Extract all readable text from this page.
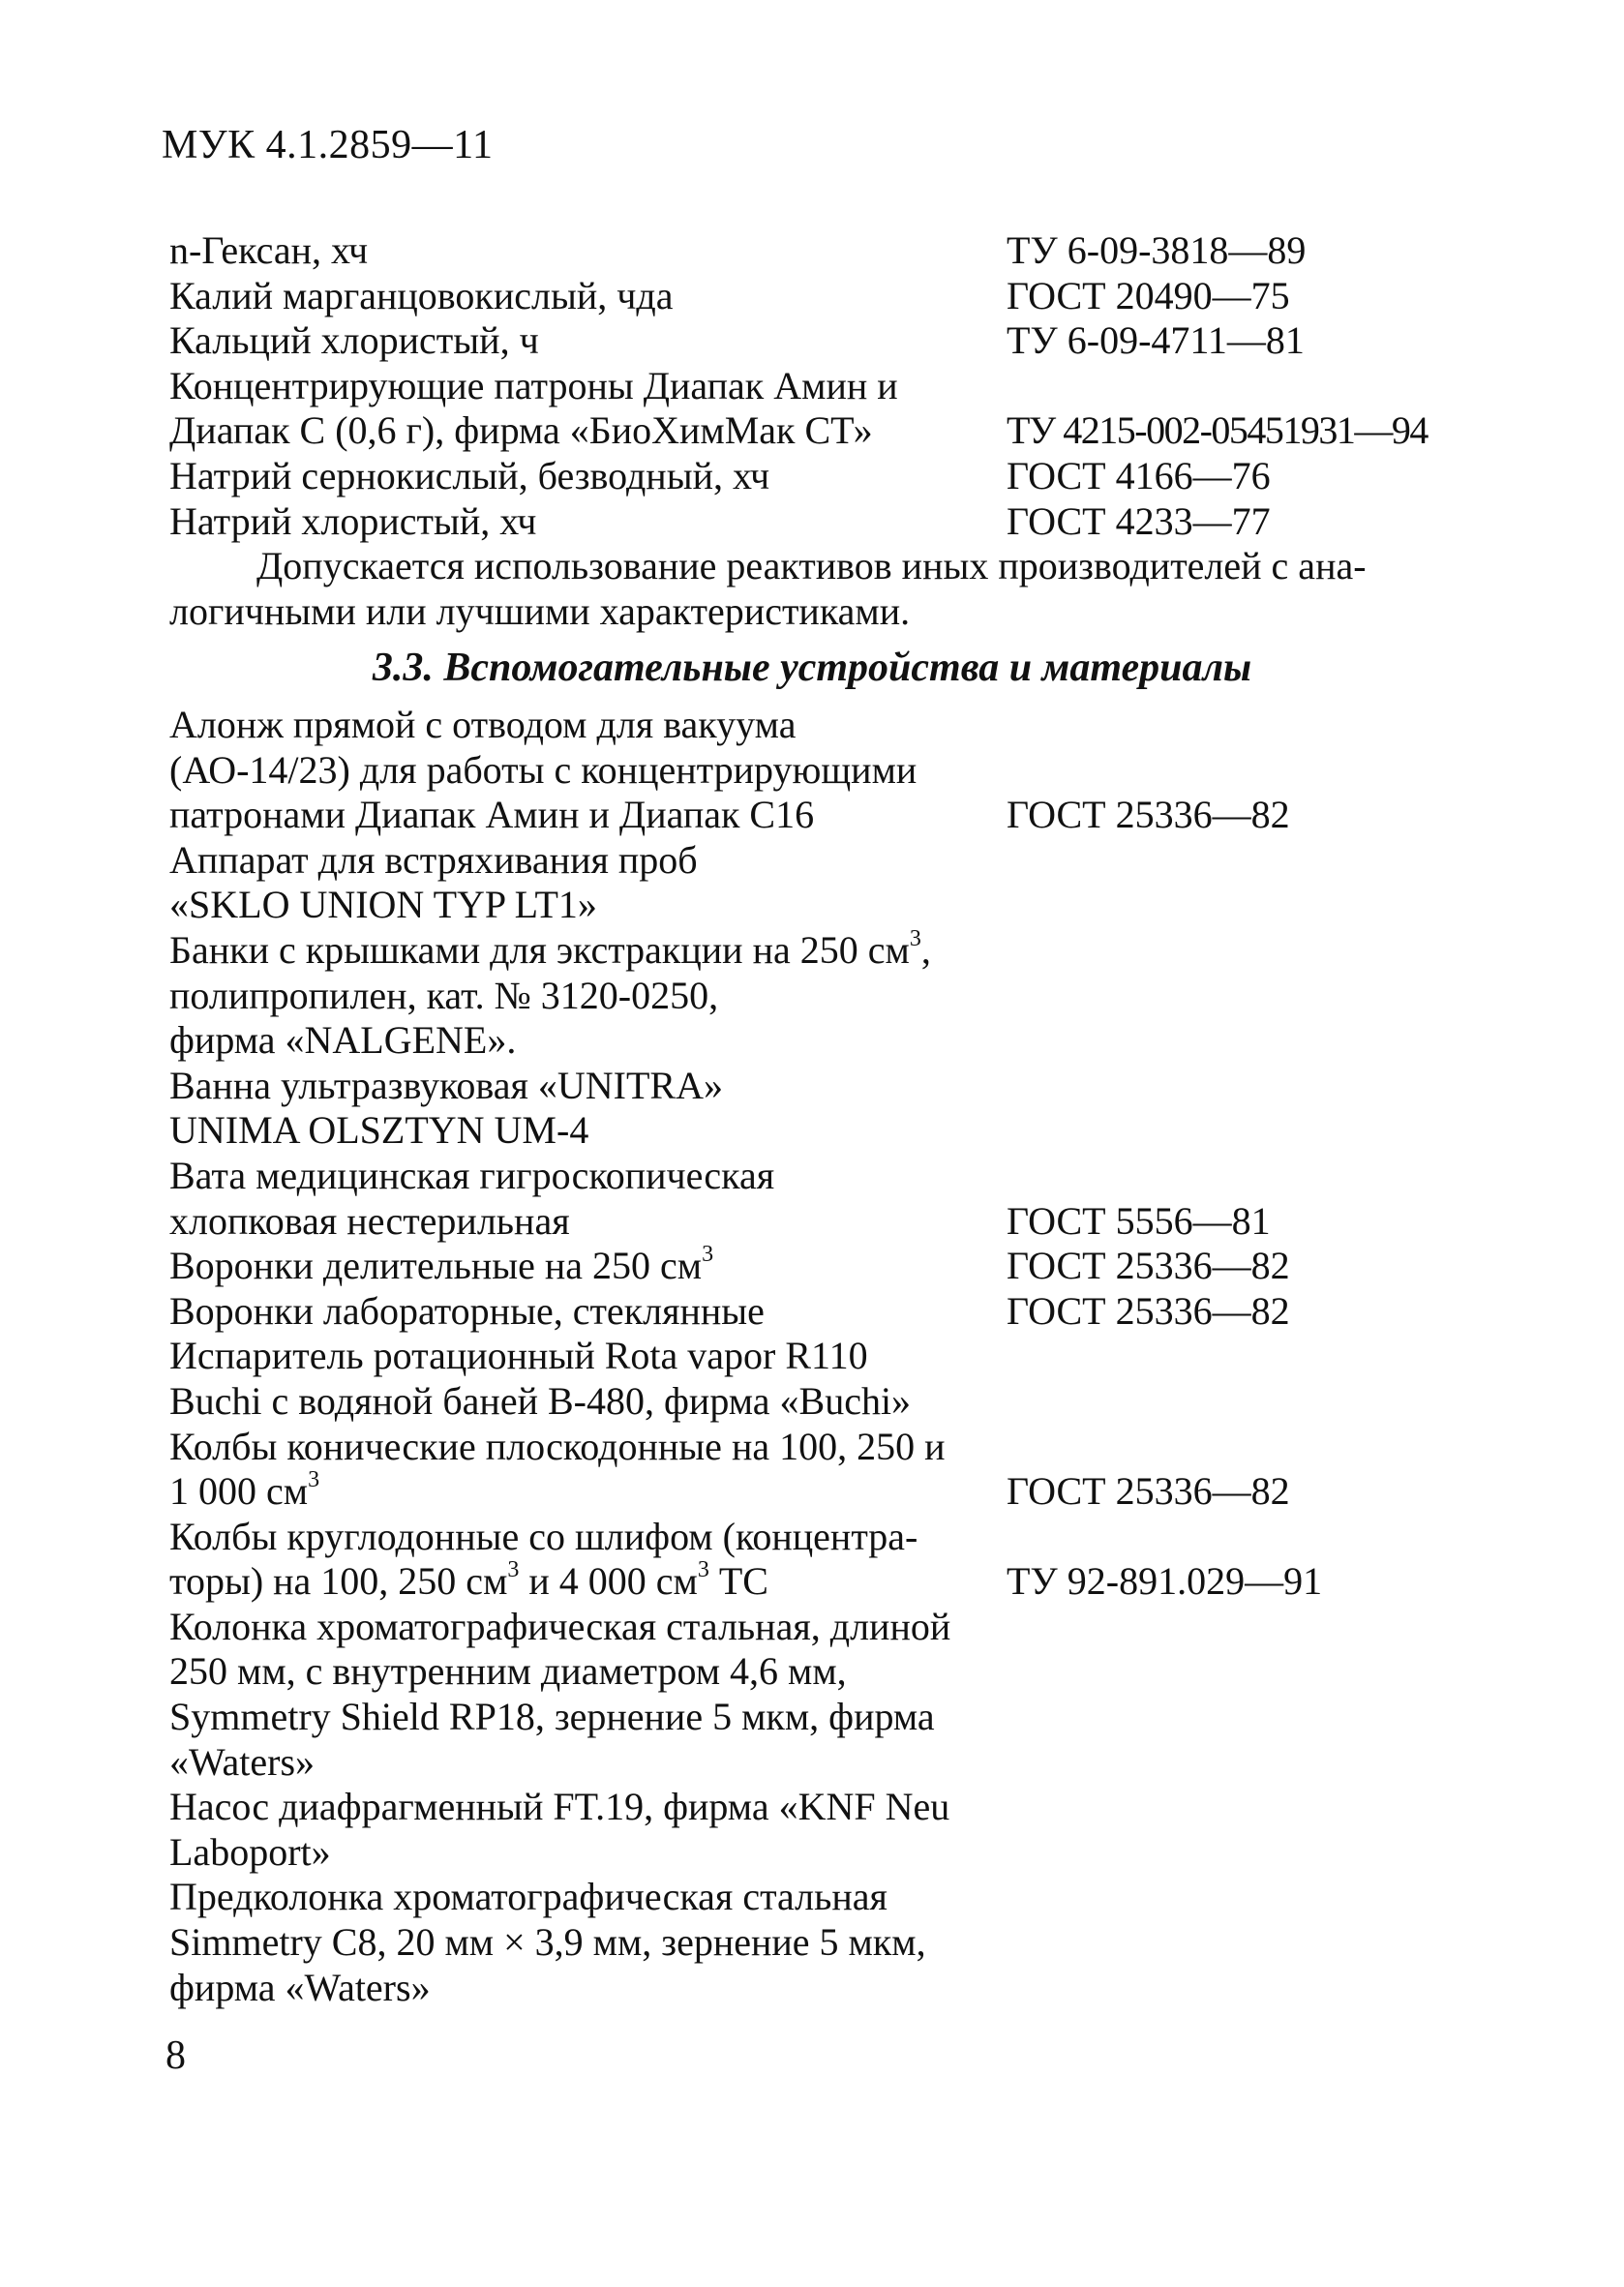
МУК 4.1.2859—11
n-Гексан, хч	ТУ 6-09-3818—89
Калий марганцовокислый, чда	ГОСТ 20490—75
Кальций хлористый, ч	ТУ 6-09-4711—81
Концентрирующие патроны Диапак Амин и
Диапак С (0,6 г), фирма «БиоХимМак СТ»	ТУ 4215-002-05451931—94
Натрий сернокислый, безводный, хч	ГОСТ 4166—76
Натрий хлористый, хч	ГОСТ 4233—77
Допускается использование реактивов иных производителей с ана-
логичными или лучшими характеристиками.
3.3. Вспомогательные устройства и материалы
Алонж прямой с отводом для вакуума
(АО-14/23) для работы с концентрирующими
патронами Диапак Амин и Диапак С16	ГОСТ 25336—82
Аппарат для встряхивания проб
«SKLO UNION TYP LT1»
Банки с крышками для экстракции на 250 $см^3$,
полипропилен, кат. № 3120-0250,
фирма «NALGENE».
Ванна ультразвуковая «UNITRA»
UNIMA OLSZTYN UM-4
Вата медицинская гигроскопическая
хлопковая нестерильная	ГОСТ 5556—81
Воронки делительные на 250 $см^3$	ГОСТ 25336—82
Воронки лабораторные, стеклянные	ГОСТ 25336—82
Испаритель ротационный Rota vapor R110
Buchi с водяной баней B-480, фирма «Buchi»
Колбы конические плоскодонные на 100, 250 и
1 000 $см^3$	ГОСТ 25336—82
Колбы круглодонные со шлифом (концентра-
торы) на 100, 250 $см^3$ и 4 000 $см^3$ ТС	ТУ 92-891.029—91
Колонка хроматографическая стальная, длиной
250 мм, с внутренним диаметром 4,6 мм,
Symmetry Shield RP18, зернение 5 мкм, фирма
«Waters»
Насос диафрагменный FT.19, фирма «KNF Neu
Laboport»
Предколонка хроматографическая стальная
Simmetry C8, 20 мм × 3,9 мм, зернение 5 мкм,
фирма «Waters»
8
